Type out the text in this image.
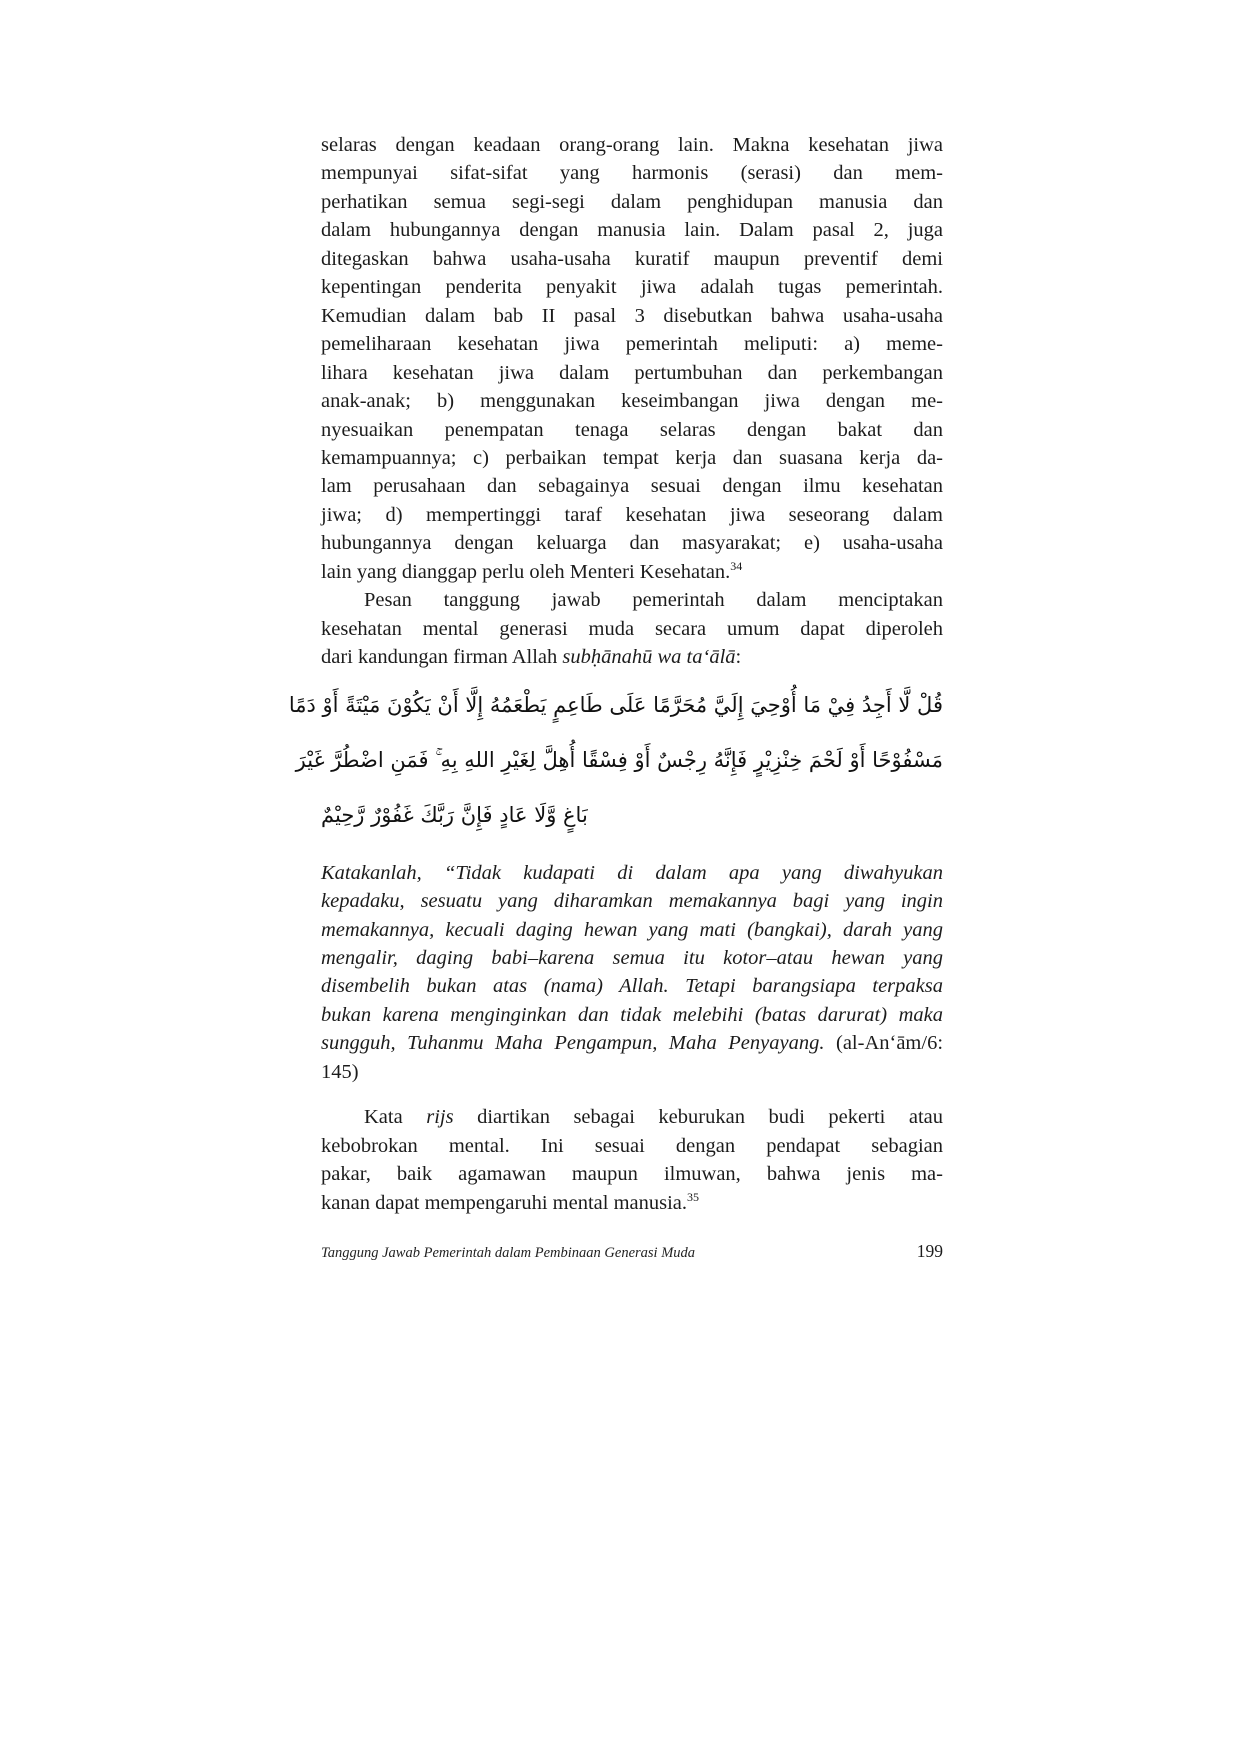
selaras dengan keadaan orang-orang lain. Makna kesehatan jiwa
mempunyai sifat-sifat yang harmonis (serasi) dan mem-
perhatikan semua segi-segi dalam penghidupan manusia dan
dalam hubungannya dengan manusia lain. Dalam pasal 2, juga
ditegaskan bahwa usaha-usaha kuratif maupun preventif demi
kepentingan penderita penyakit jiwa adalah tugas pemerintah.
Kemudian dalam bab II pasal 3 disebutkan bahwa usaha-usaha
pemeliharaan kesehatan jiwa pemerintah meliputi: a) meme-
lihara kesehatan jiwa dalam pertumbuhan dan perkembangan
anak-anak; b) menggunakan keseimbangan jiwa dengan me-
nyesuaikan penempatan tenaga selaras dengan bakat dan
kemampuannya; c) perbaikan tempat kerja dan suasana kerja da-
lam perusahaan dan sebagainya sesuai dengan ilmu kesehatan
jiwa; d) mempertinggi taraf kesehatan jiwa seseorang dalam
hubungannya dengan keluarga dan masyarakat; e) usaha-usaha
lain yang dianggap perlu oleh Menteri Kesehatan.$^{34}$
Pesan tanggung jawab pemerintah dalam menciptakan
kesehatan mental generasi muda secara umum dapat diperoleh
dari kandungan firman Allah subḥānahū wa ta‘ālā:
قُلْ لَّا أَجِدُ فِيْ مَا أُوْحِيَ إِلَيَّ مُحَرَّمًا عَلَى طَاعِمٍ يَطْعَمُهُ إِلَّا أَنْ يَكُوْنَ مَيْتَةً أَوْ دَمًا
مَسْفُوْحًا أَوْ لَحْمَ خِنْزِيْرٍ فَإِنَّهُ رِجْسٌ أَوْ فِسْقًا أُهِلَّ لِغَيْرِ اللهِ بِهِ ۚ فَمَنِ اضْطُرَّ غَيْرَ
بَاغٍ وَّلَا عَادٍ فَإِنَّ رَبَّكَ غَفُوْرٌ رَّحِيْمٌ
Katakanlah, “Tidak kudapati di dalam apa yang diwahyukan
kepadaku, sesuatu yang diharamkan memakannya bagi yang ingin
memakannya, kecuali daging hewan yang mati (bangkai), darah yang
mengalir, daging babi–karena semua itu kotor–atau hewan yang
disembelih bukan atas (nama) Allah. Tetapi barangsiapa terpaksa
bukan karena menginginkan dan tidak melebihi (batas darurat) maka
sungguh, Tuhanmu Maha Pengampun, Maha Penyayang. (al-An‘ām/6:
145)
Kata rijs diartikan sebagai keburukan budi pekerti atau
kebobrokan mental. Ini sesuai dengan pendapat sebagian
pakar, baik agamawan maupun ilmuwan, bahwa jenis ma-
kanan dapat mempengaruhi mental manusia.$^{35}$
Tanggung Jawab Pemerintah dalam Pembinaan Generasi Muda	199
